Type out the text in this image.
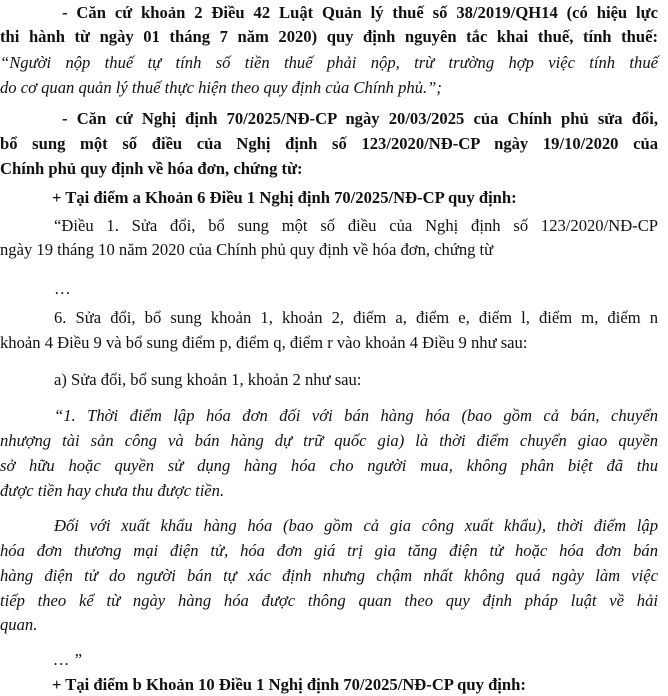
- Căn cứ khoản 2 Điều 42 Luật Quản lý thuế số 38/2019/QH14 (có hiệu lực
thi hành từ ngày 01 tháng 7 năm 2020) quy định nguyên tắc khai thuế, tính thuế:
“Người nộp thuế tự tính số tiền thuế phải nộp, trừ trường hợp việc tính thuế
do cơ quan quản lý thuế thực hiện theo quy định của Chính phủ.”;
- Căn cứ Nghị định 70/2025/NĐ-CP ngày 20/03/2025 của Chính phủ sửa đổi,
bổ sung một số điều của Nghị định số 123/2020/NĐ-CP ngày 19/10/2020 của
Chính phủ quy định về hóa đơn, chứng từ:
+ Tại điểm a Khoản 6 Điều 1 Nghị định 70/2025/NĐ-CP quy định:
“Điều 1. Sửa đổi, bổ sung một số điều của Nghị định số 123/2020/NĐ-CP
ngày 19 tháng 10 năm 2020 của Chính phủ quy định về hóa đơn, chứng từ
…
6. Sửa đổi, bổ sung khoản 1, khoản 2, điểm a, điểm e, điểm l, điểm m, điểm n
khoản 4 Điều 9 và bổ sung điểm p, điểm q, điểm r vào khoản 4 Điều 9 như sau:
a) Sửa đổi, bổ sung khoản 1, khoản 2 như sau:
“1. Thời điểm lập hóa đơn đối với bán hàng hóa (bao gồm cả bán, chuyển
nhượng tài sản công và bán hàng dự trữ quốc gia) là thời điểm chuyển giao quyền
sở hữu hoặc quyền sử dụng hàng hóa cho người mua, không phân biệt đã thu
được tiền hay chưa thu được tiền.
Đối với xuất khẩu hàng hóa (bao gồm cả gia công xuất khẩu), thời điểm lập
hóa đơn thương mại điện tử, hóa đơn giá trị gia tăng điện tử hoặc hóa đơn bán
hàng điện tử do người bán tự xác định nhưng chậm nhất không quá ngày làm việc
tiếp theo kể từ ngày hàng hóa được thông quan theo quy định pháp luật về hải
quan.
… ”
+ Tại điểm b Khoản 10 Điều 1 Nghị định 70/2025/NĐ-CP quy định:
